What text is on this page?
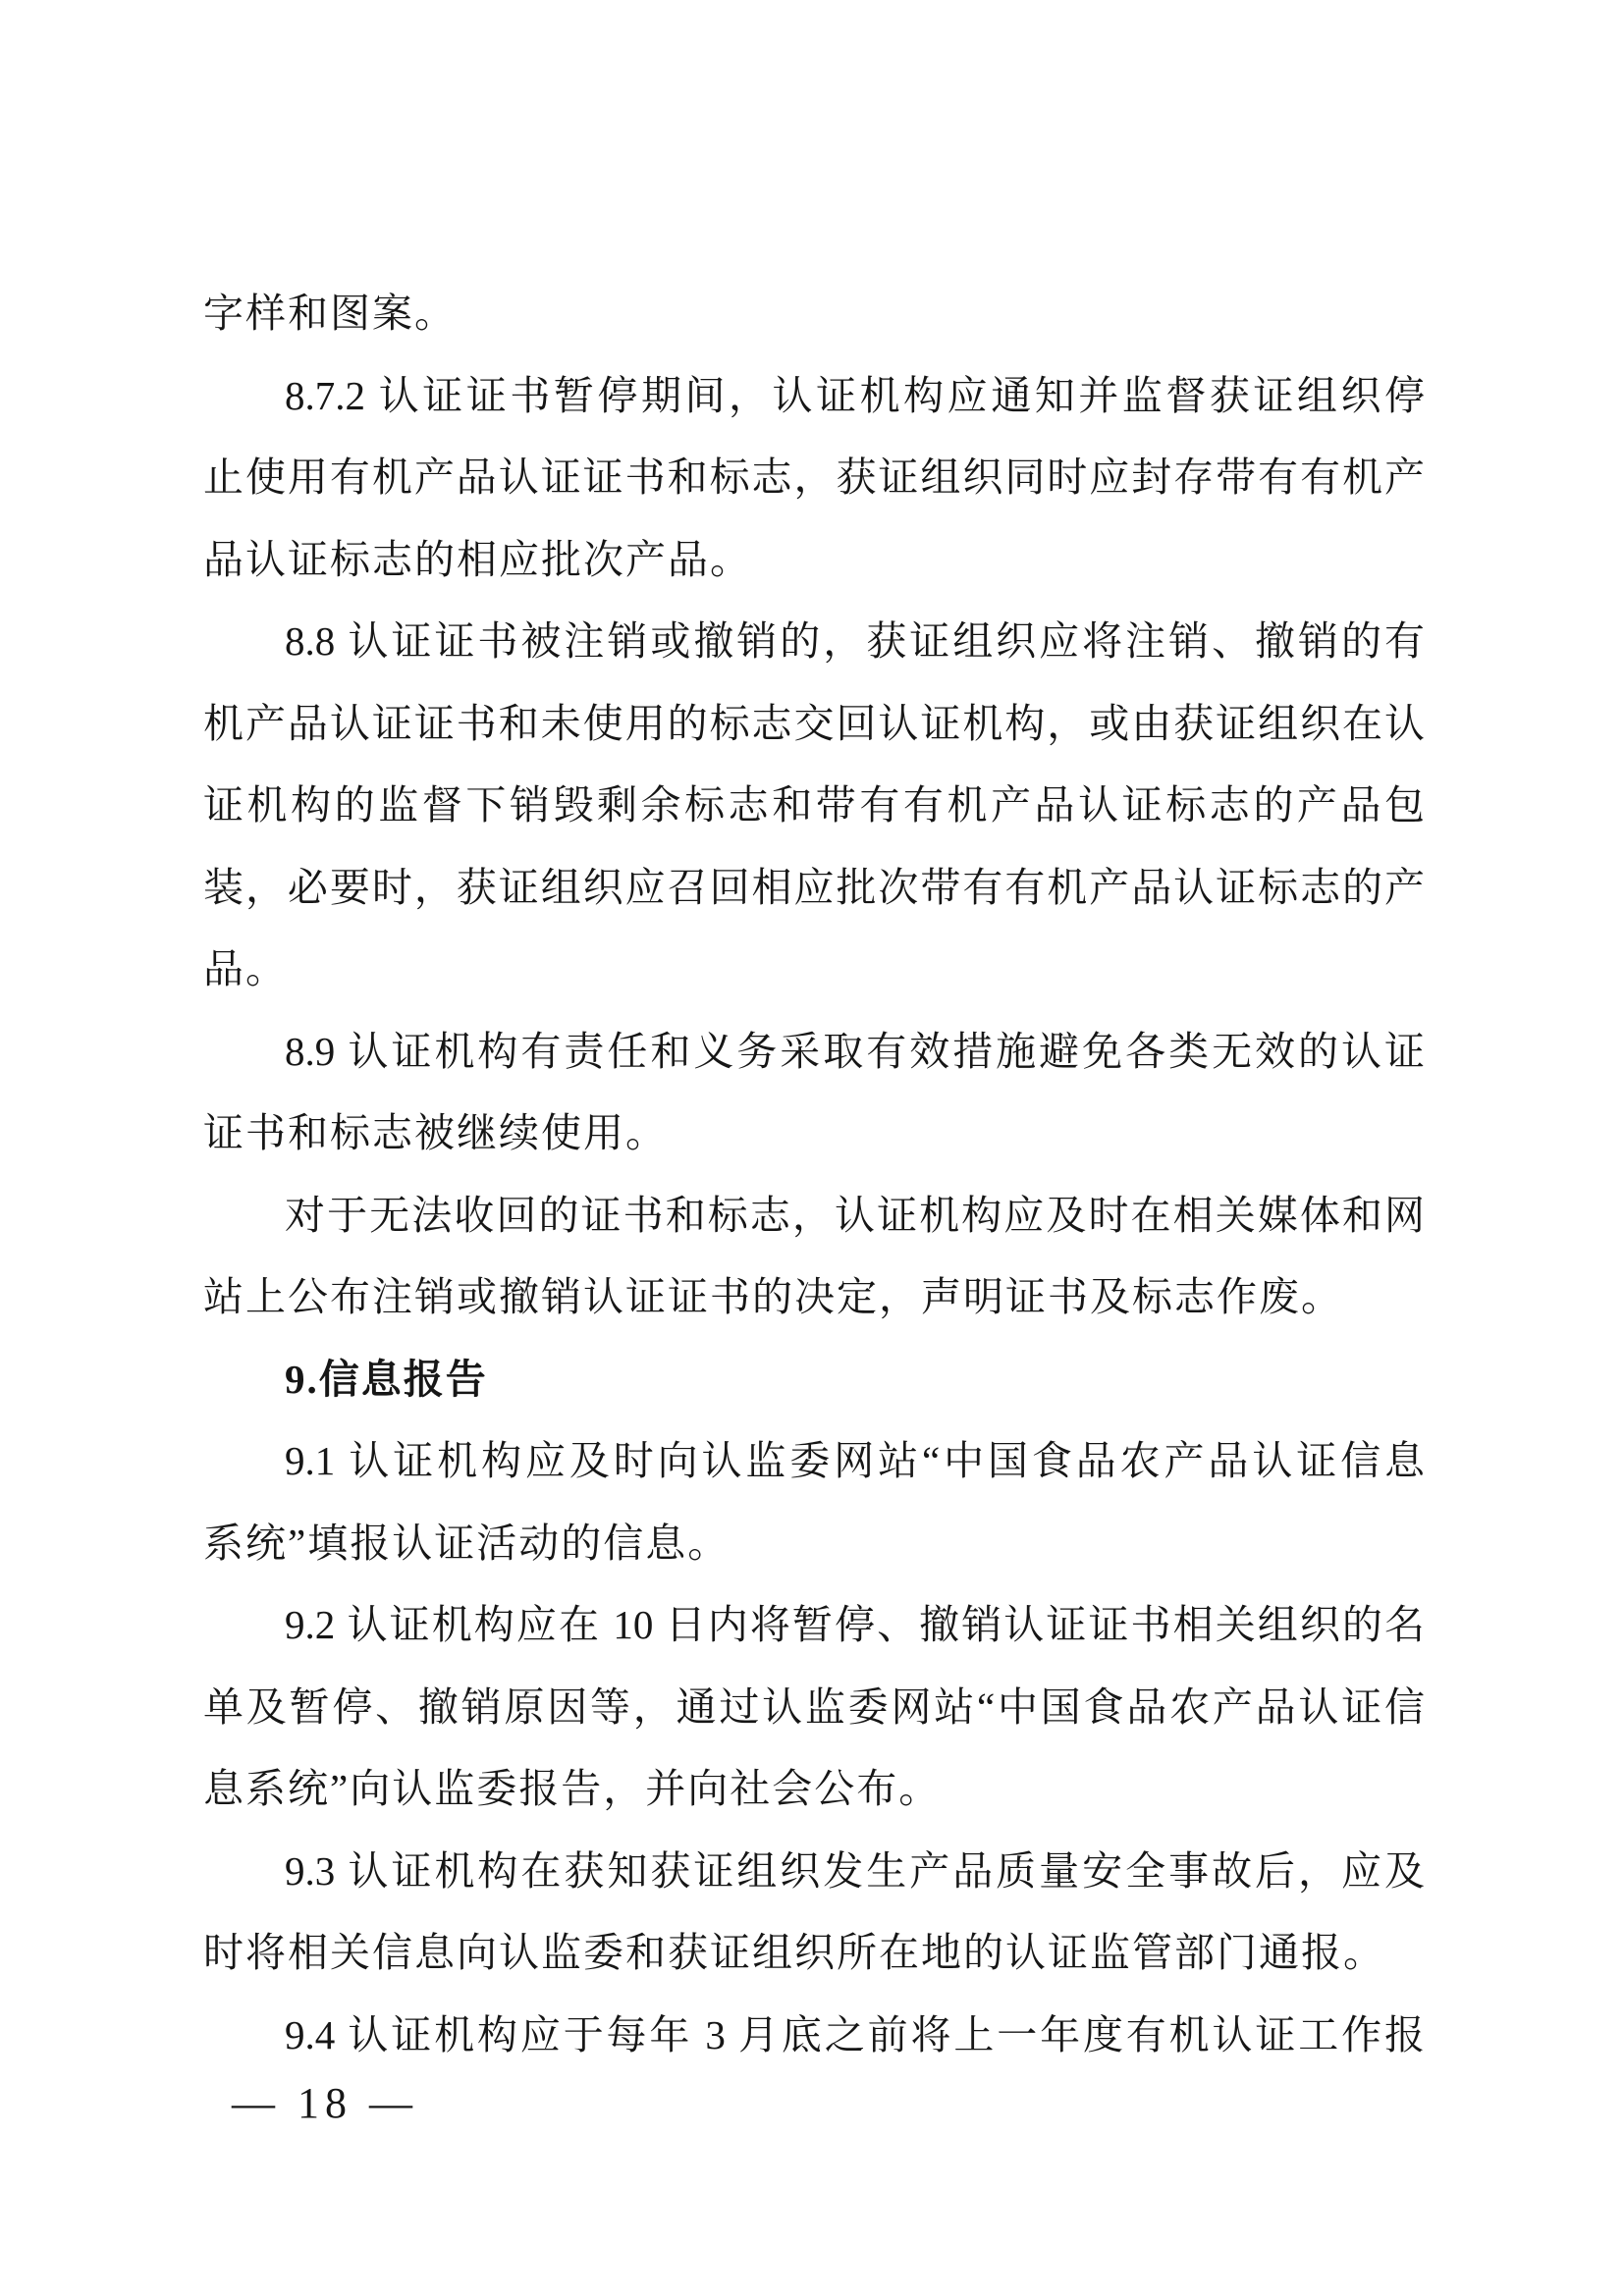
字样和图案。
8.7.2 认证证书暂停期间，认证机构应通知并监督获证组织停
止使用有机产品认证证书和标志，获证组织同时应封存带有有机产
品认证标志的相应批次产品。
8.8 认证证书被注销或撤销的，获证组织应将注销、撤销的有
机产品认证证书和未使用的标志交回认证机构，或由获证组织在认
证机构的监督下销毁剩余标志和带有有机产品认证标志的产品包
装，必要时，获证组织应召回相应批次带有有机产品认证标志的产
品。
8.9 认证机构有责任和义务采取有效措施避免各类无效的认证
证书和标志被继续使用。
对于无法收回的证书和标志，认证机构应及时在相关媒体和网
站上公布注销或撤销认证证书的决定，声明证书及标志作废。
9.信息报告
9.1 认证机构应及时向认监委网站“中国食品农产品认证信息
系统”填报认证活动的信息。
9.2 认证机构应在 10 日内将暂停、撤销认证证书相关组织的名
单及暂停、撤销原因等，通过认监委网站“中国食品农产品认证信
息系统”向认监委报告，并向社会公布。
9.3 认证机构在获知获证组织发生产品质量安全事故后，应及
时将相关信息向认监委和获证组织所在地的认证监管部门通报。
9.4 认证机构应于每年 3 月底之前将上一年度有机认证工作报
— 18 —
